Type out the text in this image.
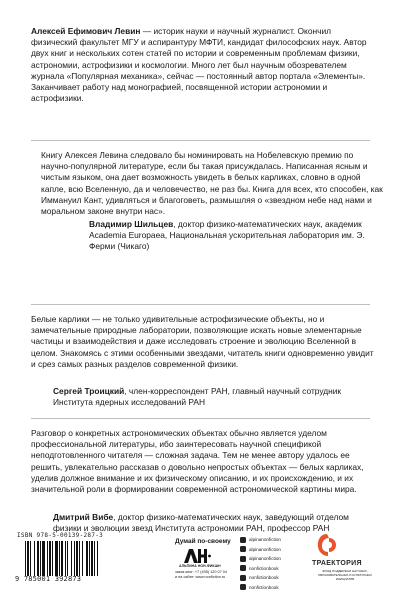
Алексей Ефимович Левин — историк науки и научный журналист. Окончил физический факультет МГУ и аспирантуру МФТИ, кандидат философских наук. Автор двух книг и нескольких сотен статей по истории и современным проблемам физики, астрономии, астрофизики и космологии. Много лет был научным обозревателем журнала «Популярная механика», сейчас — постоянный автор портала «Элементы». Заканчивает работу над монографией, посвященной истории астрономии и астрофизики.

Книгу Алексея Левина следовало бы номинировать на Нобелевскую премию по научно-популярной литературе, если бы такая присуждалась. Написанная ясным и чистым языком, она дает возможность увидеть в белых карликах, словно в одной капле, всю Вселенную, да и человечество, не раз бы. Книга для всех, кто способен, как Иммануил Кант, удивляться и благоговеть, размышляя о «звездном небе над нами и моральном законе внутри нас».

Владимир Шильцев, доктор физико-математических наук, академик Academia Europaea, Национальная ускорительная лаборатория им. Э. Ферми (Чикаго)

Белые карлики — не только удивительные астрофизические объекты, но и замечательные природные лаборатории, позволяющие искать новые элементарные частицы и взаимодействия и даже исследовать строение и эволюцию Вселенной в целом. Знакомясь с этими особенными звездами, читатель книги одновременно увидит и срез самых разных разделов современной физики.

Сергей Троицкий, член-корреспондент РАН, главный научный сотрудник Института ядерных исследований РАН

Разговор о конкретных астрономических объектах обычно является уделом профессиональной литературы, ибо заинтересовать научной спецификой неподготовленного читателя — сложная задача. Тем не менее автору удалось ее решить, увлекательно рассказав о довольно непростых объектах — белых карликах, уделив должное внимание и их физическому описанию, и их происхождению, и их значительной роли в формировании современной астрономической картины мира.

Дмитрий Вибе, доктор физико-математических наук, заведующий отделом физики и эволюции звезд Института астрономии РАН, профессор РАН

ISBN 978-5-00139-287-3
9 785001 392873
Думай по-своему
АЛЬПИНА НОН-ФИКШН
заказ книг: +7 (495) 120 07 04
и на сайте: www.nonfiction.ru
alpinanonfiction
alpinanonfiction
alpinanonfiction
nonfictionbook
nonfictionbook
nonfictionbook
ТРАЕКТОРИЯ
ФОНД ПОДДЕРЖКИ НАУЧНЫХ, ОБРАЗОВАТЕЛЬНЫХ И КУЛЬТУРНЫХ ИНИЦИАТИВ
